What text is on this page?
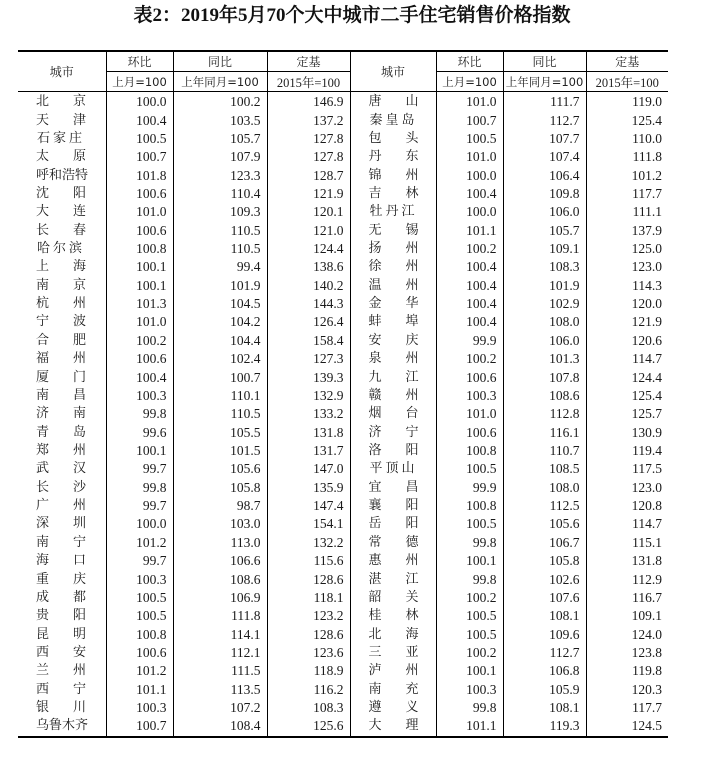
表2：2019年5月70个大中城市二手住宅销售价格指数
城市	环比	同比	定基	城市	环比	同比	定基
	上月=100	上年同月=100	2015年=100		上月=100	上年同月=100	2015年=100

北 京	100.0	100.2	146.9	唐 山	101.0	111.7	119.0

天 津	100.4	103.5	137.2	秦皇岛	100.7	112.7	125.4

石家庄	100.5	105.7	127.8	包 头	100.5	107.7	110.0

太 原	100.7	107.9	127.8	丹 东	101.0	107.4	111.8

呼和浩特	101.8	123.3	128.7	锦 州	100.0	106.4	101.2

沈 阳	100.6	110.4	121.9	吉 林	100.4	109.8	117.7

大 连	101.0	109.3	120.1	牡丹江	100.0	106.0	111.1

长 春	100.6	110.5	121.0	无 锡	101.1	105.7	137.9

哈尔滨	100.8	110.5	124.4	扬 州	100.2	109.1	125.0

上 海	100.1	99.4	138.6	徐 州	100.4	108.3	123.0

南 京	100.1	101.9	140.2	温 州	100.4	101.9	114.3

杭 州	101.3	104.5	144.3	金 华	100.4	102.9	120.0

宁 波	101.0	104.2	126.4	蚌 埠	100.4	108.0	121.9

合 肥	100.2	104.4	158.4	安 庆	99.9	106.0	120.6

福 州	100.6	102.4	127.3	泉 州	100.2	101.3	114.7

厦 门	100.4	100.7	139.3	九 江	100.6	107.8	124.4

南 昌	100.3	110.1	132.9	赣 州	100.3	108.6	125.4

济 南	99.8	110.5	133.2	烟 台	101.0	112.8	125.7

青 岛	99.6	105.5	131.8	济 宁	100.6	116.1	130.9

郑 州	100.1	101.5	131.7	洛 阳	100.8	110.7	119.4

武 汉	99.7	105.6	147.0	平顶山	100.5	108.5	117.5

长 沙	99.8	105.8	135.9	宜 昌	99.9	108.0	123.0

广 州	99.7	98.7	147.4	襄 阳	100.8	112.5	120.8

深 圳	100.0	103.0	154.1	岳 阳	100.5	105.6	114.7

南 宁	101.2	113.0	132.2	常 德	99.8	106.7	115.1

海 口	99.7	106.6	115.6	惠 州	100.1	105.8	131.8

重 庆	100.3	108.6	128.6	湛 江	99.8	102.6	112.9

成 都	100.5	106.9	118.1	韶 关	100.2	107.6	116.7

贵 阳	100.5	111.8	123.2	桂 林	100.5	108.1	109.1

昆 明	100.8	114.1	128.6	北 海	100.5	109.6	124.0

西 安	100.6	112.1	123.6	三 亚	100.2	112.7	123.8

兰 州	101.2	111.5	118.9	泸 州	100.1	106.8	119.8

西 宁	101.1	113.5	116.2	南 充	100.3	105.9	120.3

银 川	100.3	107.2	108.3	遵 义	99.8	108.1	117.7

乌鲁木齐	100.7	108.4	125.6	大 理	101.1	119.3	124.5
